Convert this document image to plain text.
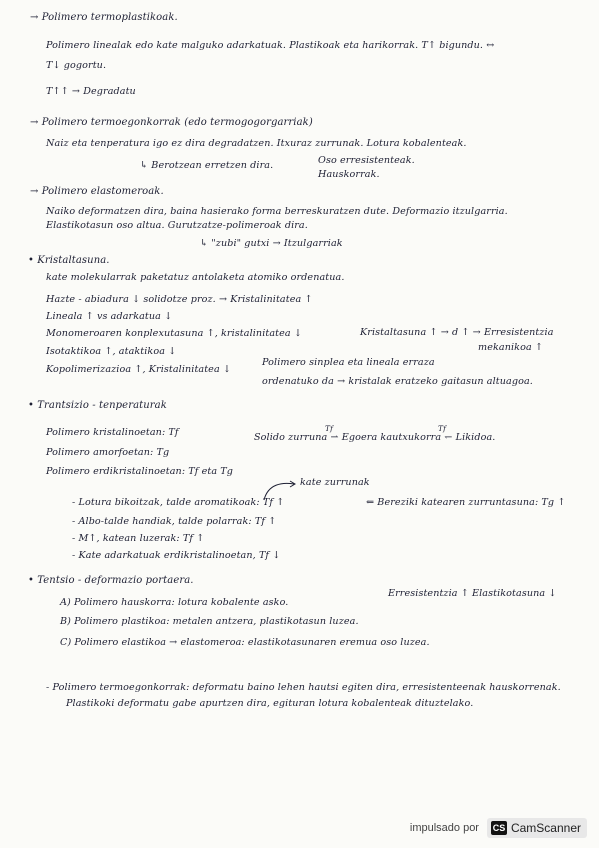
→ Polimero termoplastikoak.
Polimero linealak edo kate malguko adarkatuak. Plastikoak eta harikorrak. T↑ bigundu. ↔
T↓ gogortu.
T↑↑ → Degradatu
→ Polimero termoegonkorrak (edo termogogorgarriak)
Naiz eta tenperatura igo ez dira degradatzen. Itxuraz zurrunak. Lotura kobalenteak.
Oso erresistenteak.
↳ Berotzean erretzen dira.
Hauskorrak.
→ Polimero elastomeroak.
Naiko deformatzen dira, baina hasierako forma berreskuratzen dute. Deformazio itzulgarria.
Elastikotasun oso altua. Gurutzatze-polimeroak dira.
↳ "zubi" gutxi → Itzulgarriak
• Kristaltasuna.
kate molekularrak paketatuz antolaketa atomiko ordenatua.
Hazte - abiadura ↓ solidotze proz. → Kristalinitatea ↑
Lineala ↑ vs adarkatua ↓
Monomeroaren konplexutasuna ↑, kristalinitatea ↓	Kristaltasuna ↑ → d ↑ → Erresistentzia
Isotaktikoa ↑, ataktikoa ↓	mekanikoa ↑
Polimero sinplea eta lineala erraza
Kopolimerizazioa ↑, Kristalinitatea ↓
ordenatuko da → kristalak eratzeko gaitasun altuagoa.
• Trantsizio - tenperaturak
Polimero kristalinoetan: Tf	Solido zurruna ⇀ Egoera kautxukorra ↽ Likidoa.
Polimero amorfoetan: Tg
Polimero erdikristalinoetan: Tf eta Tg
kate zurrunak
- Lotura bikoitzak, talde aromatikoak: Tf ↑	⇐ Bereziki katearen zurruntasuna: Tg ↑
- Albo-talde handiak, talde polarrak: Tf ↑
- M↑, katean luzerak: Tf ↑
- Kate adarkatuak erdikristalinoetan, Tf ↓
• Tentsio - deformazio portaera.
Erresistentzia ↑ Elastikotasuna ↓
A) Polimero hauskorra: lotura kobalente asko.
B) Polimero plastikoa: metalen antzera, plastikotasun luzea.
C) Polimero elastikoa → elastomeroa: elastikotasunaren eremua oso luzea.
- Polimero termoegonkorrak: deformatu baino lehen hautsi egiten dira, erresistenteenak hauskorrenak.
Plastikoki deformatu gabe apurtzen dira, egituran lotura kobalenteak dituztelako.
Tf	Tf
impulsado por CS CamScanner
